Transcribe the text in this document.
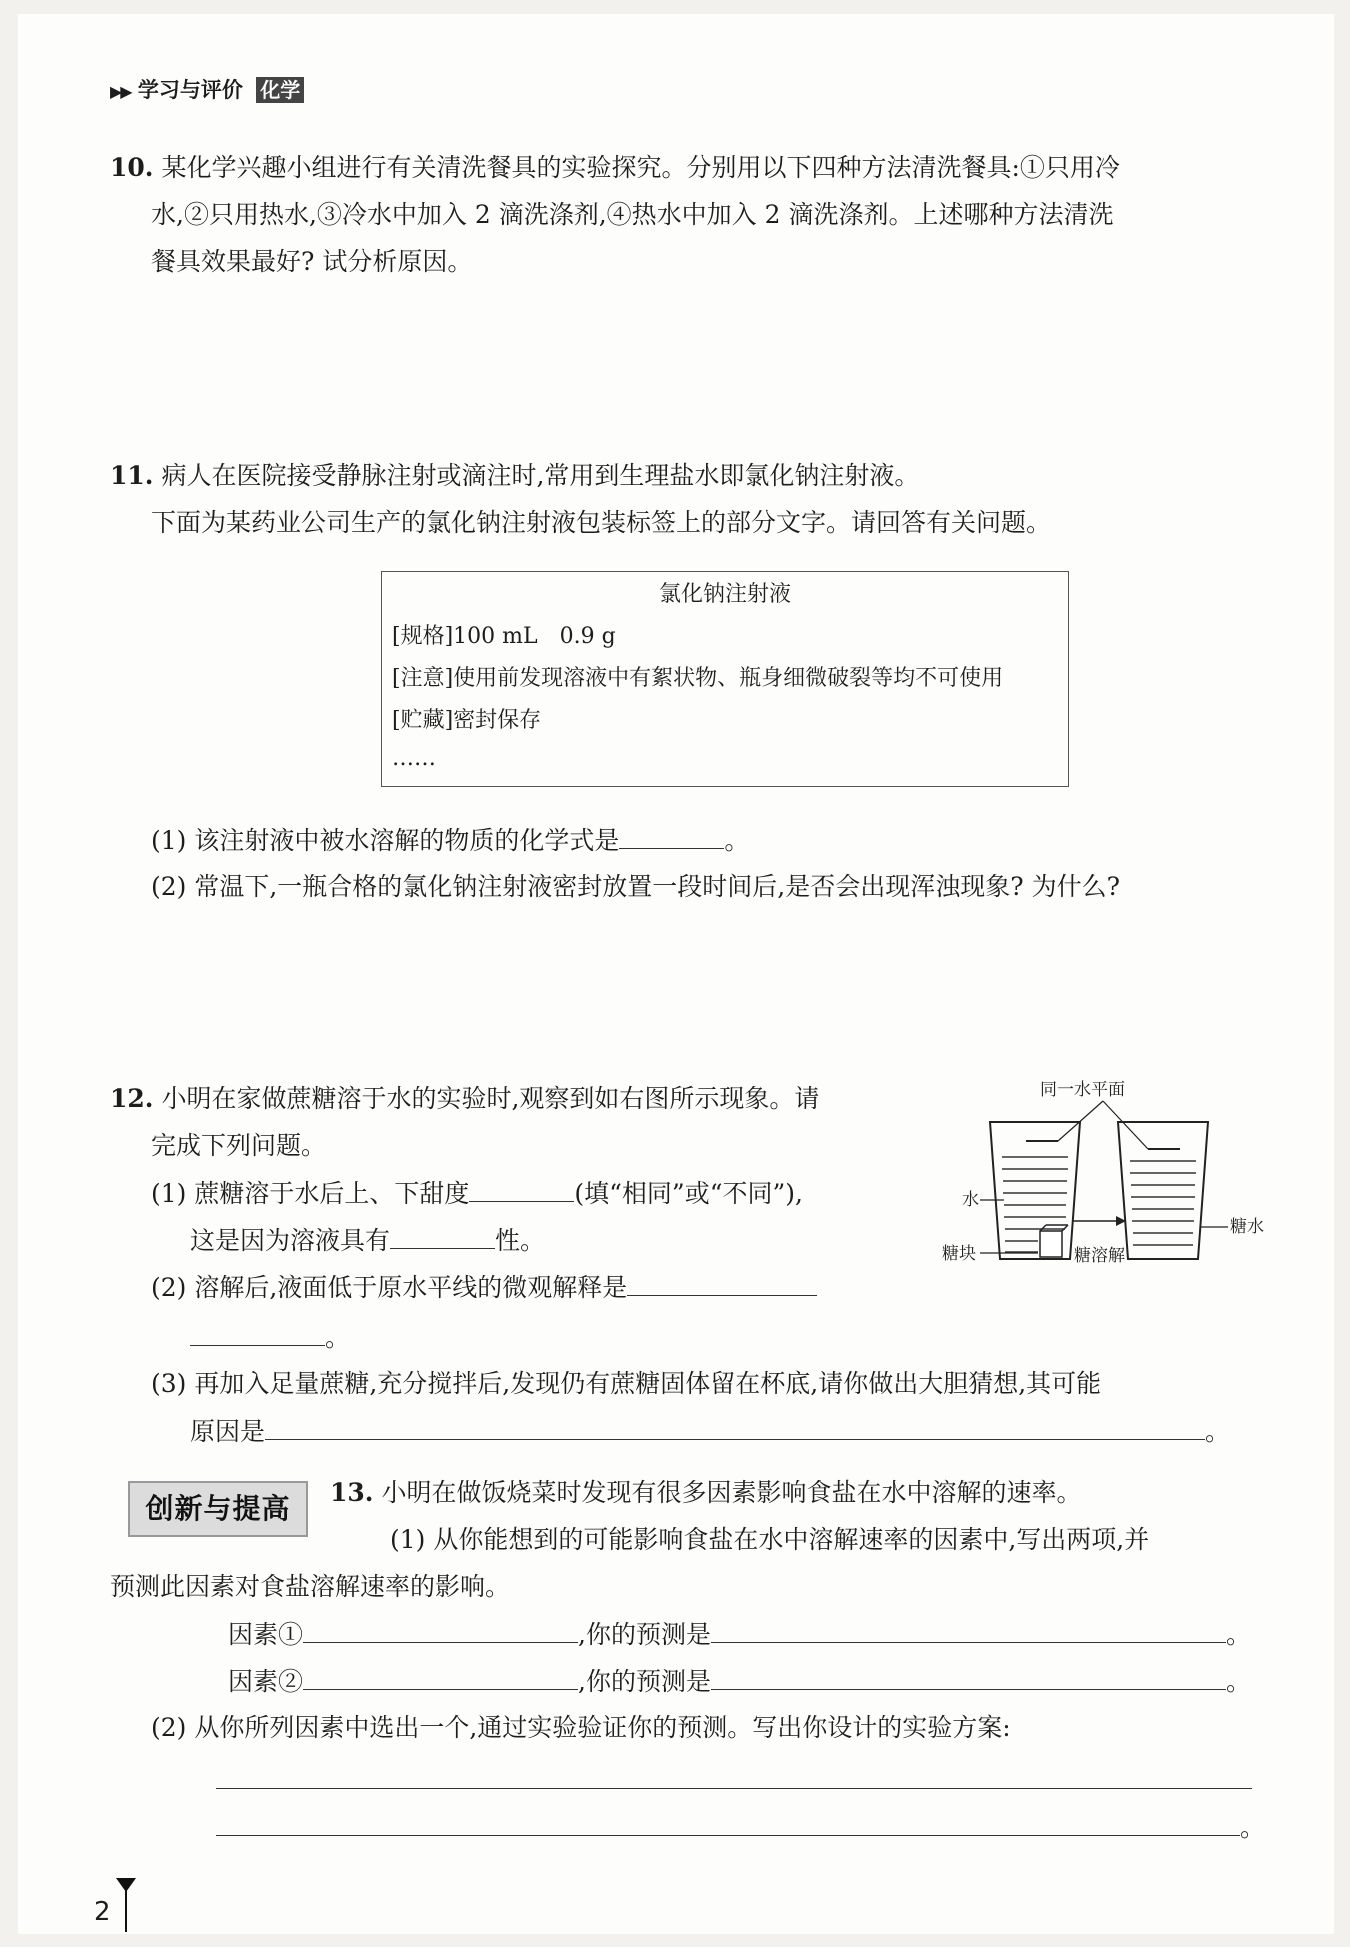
▶▶ 学习与评价 化学
10. 某化学兴趣小组进行有关清洗餐具的实验探究。分别用以下四种方法清洗餐具:①只用冷
水,②只用热水,③冷水中加入 2 滴洗涤剂,④热水中加入 2 滴洗涤剂。上述哪种方法清洗
餐具效果最好? 试分析原因。
11. 病人在医院接受静脉注射或滴注时,常用到生理盐水即氯化钠注射液。
下面为某药业公司生产的氯化钠注射液包装标签上的部分文字。请回答有关问题。
氯化钠注射液
[规格]100 mL　0.9 g
[注意]使用前发现溶液中有絮状物、瓶身细微破裂等均不可使用
[贮藏]密封保存
……
(1) 该注射液中被水溶解的物质的化学式是	。
(2) 常温下,一瓶合格的氯化钠注射液密封放置一段时间后,是否会出现浑浊现象? 为什么?
12. 小明在家做蔗糖溶于水的实验时,观察到如右图所示现象。请
完成下列问题。
(1) 蔗糖溶于水后上、下甜度	(填“相同”或“不同”),
这是因为溶液具有	性。
(2) 溶解后,液面低于原水平线的微观解释是
。
(3) 再加入足量蔗糖,充分搅拌后,发现仍有蔗糖固体留在杯底,请你做出大胆猜想,其可能
原因是	。
同一水平面
水
糖块	糖溶解
糖水
创新与提高	13. 小明在做饭烧菜时发现有很多因素影响食盐在水中溶解的速率。
(1) 从你能想到的可能影响食盐在水中溶解速率的因素中,写出两项,并
预测此因素对食盐溶解速率的影响。
因素①	,你的预测是	。
因素②	,你的预测是	。
(2) 从你所列因素中选出一个,通过实验验证你的预测。写出你设计的实验方案:
。
2
